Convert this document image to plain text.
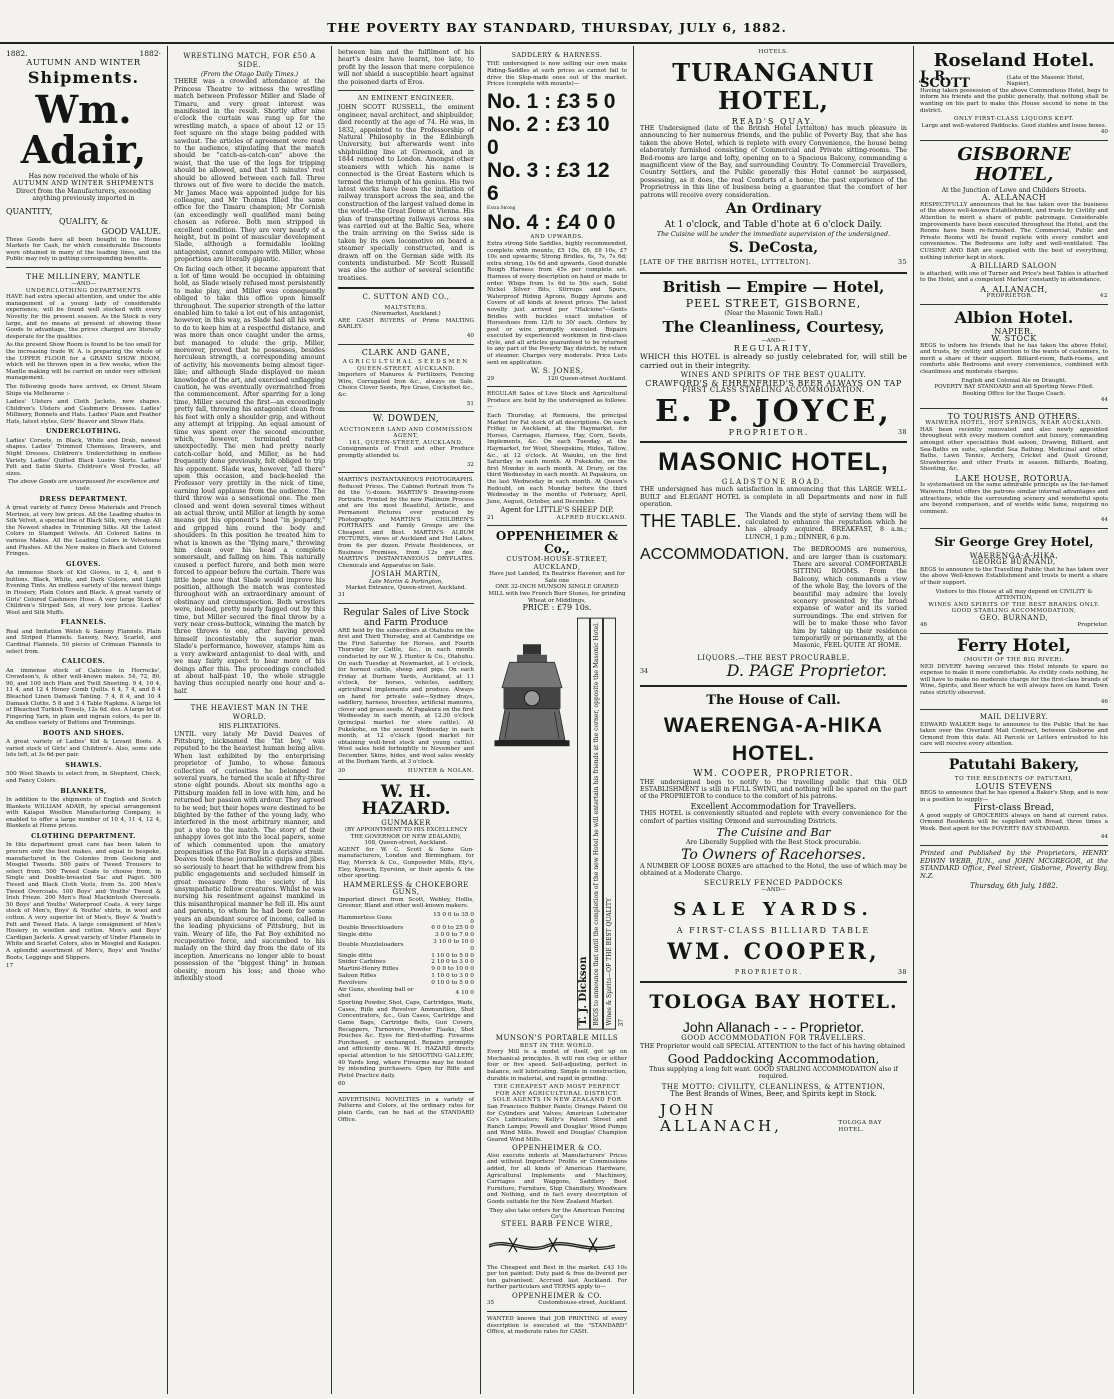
THE POVERTY BAY STANDARD, THURSDAY, JULY 6, 1882.
1882.	1882·
AUTUMN AND WINTER
Shipments.
Wm. Adair,
Has now received the whole of his
AUTUMN AND WINTER SHIPMENTS
Direct from the Manufacturers, exceeding anything previously imported in
QUANTITY,
QUALITY, &
GOOD VALUE.

These Goods have all been bought in the Home Markets for Cash, for which considerable Discounts were obtained in many of the leading lines, and the Public may rely in getting corresponding benefits.

THE MILLINERY, MANTLE
—AND—
UNDERCLOTHING DEPARTMENTS

HAVE had extra special attention, and under the able management of a young lady of considerable experience, will be found well stocked with every Novelty for the present season. As the Stock is very large, and no means at present of showing these Goods to advantage, the prices charged are literally desperate for the qualities.

As the present Show Room is found to be too small for the increasing trade W. A. is preparing the whole of the UPPER FLOOR for a GRAND SHOW ROOM, which will be thrown open in a few weeks, when the Mantle making will be carried on under very efficient management.

The following goods have arrived, ex Orient Steam Ships via Melbourne :-

Ladies' Ulsters and Cloth Jackets, new shapes. Children's Ulsters and Cashmere Dresses. Ladies' Millinery, Bonnets and Hats. Ladies' Plain and Feather Hats, latest styles. Girls' Beaver and Straw Hats.

UNDERCLOTHING.

Ladies' Corsets, in Black, White and Drab, newest shapes. Ladies' Trimmed Chemises, Drawers, and Night Dresses. Children's Underclothing in endless Variety. Ladies' Quilted Black Lustre Skirts. Ladies' Felt and Satin Skirts. Children's Wool Frocks, all sizes.

The above Goods are unsurpassed for excellence and taste.
DRESS DEPARTMENT.

A great variety of Fancy Dress Materials and French Merinos, at very low prices. All the Leading shades in Silk Velvet, a special line of Black Silk, very cheap. All the Newest shades in Trimming Silks. All the Latest Colors in Stamped Velvets. All Colored Satins in various Makes. All the Leading Colors in Velveteens and Plushes. All the New makes in Black and Colored Fringes.

GLOVES.

An immense Stock of Kid Gloves, in 2, 4, and 6 buttons. Black, White, and Dark Colors, and Light Evening Tints. An endless variety of the newest things in Hosiery, Plain Colors and Black. A great variety of Girls' Colored Cashmere Hose. A very large Stock of Children's Striped Sox, at very low prices. Ladies' Wool and Silk Muffs.

FLANNELS.

Real and Imitation Welsh & Saxony Flannels. Plain and Striped Flannels. Saxony, Navy, Scarlet, and Cardinal Flannels. 50 pieces of Crimean Flannels to select from.

CALICOES.

An immense stock of Calicoes in Horrocks', Crewdson's, & other well-known makes. 54, 72, 80, 90, and 100 inch Plain and Twill Sheeting. 9 4, 10 4, 11 4, and 12 4 Honey Comb Quilts. 6 4, 7 4, and 8 4 Bleached Linen Damask Tabling. 7 4, 8 4, and 10 4 Damask Cloths. 5 8 and 3 4 Table Napkins. A large lot of Bleached Turkish Towels, 12s 6d. doz. A large lot of Fingering Yarn, in plain and ingrain colors, 4s per lb. An endless variety of Buttons and Trimmings.

BOOTS AND SHOES.

A great variety of Ladies' Kid & Levant Boots. A varied stock of Girls' and Children's. Also, some side lots left, at 3s 6d per pair.

SHAWLS.

500 Wool Shawls to select from, in Shepherd, Check, and Fancy Colors.

BLANKETS,

In addition to the shipments of English and Scotch Blankets WILLIAM ADAIR, by special arrangement with Kaiapoi Woollen Manufacturing Company, is enabled to offer a large number of 10 4, 11 4, 12 4, Blankets at Home prices.

CLOTHING DEPARTMENT.

In this department great care has been taken to procure only the best makes, and equal to bespoke, manufactured in the Colonies from Geelong and Mosgiel Tweeds. 500 pairs of Tweed Trousers to select from. 500 Tweed Coats to choose from, in Single and Double-breasted Sac and Pagot. 500 Tweed and Black Cloth Vests, from 5s. 200 Men's Tweed Overcoats. 100 Boys' and Youths' Tweed & Irish Frieze. 200 Men's Real Mackintosh Overcoats. 50 Boys' and Youths' Waterproof Coats. A very large stock of Men's, Boys' & Youths' shirts, in wool and cotton. A very superior lot of Men's, Boys' & Youth's Felt and Tweed Hats. A large consignment of Men's Hosiery in woollen and cotton. Men's and Boys' Cardigan Jackets. A great variety of Under Flannels in White and Scarlet Colors, also in Mosgiel and Kaiapoi. A splendid assortment of Men's, Boys' and Youths' Boots, Leggings and Slippers.

17
WRESTLING MATCH, FOR £50 A SIDE.
(From the Otago Daily Times.)

THERE was a crowded attendance at the Princess Theatre to witness the wrestling match between Professor Miller and Slade of Timaru, and very great interest was manifested in the result. Shortly after nine o'clock the curtain was rung up for the wrestling match, a space of about 12 or 15 feet square on the stage being padded with sawdust. The articles of agreement were read to the audience, stipulating that the match should be "catch-as-catch-can" above the waist, that the use of the legs for tripping should be allowed, and that 15 minutes' rest should be allowed between each fall. Three throws out of five were to decide the match. Mr James Mace was appointed judge for his colleague, and Mr Thomas filled the same office for the Timaru champion; Mr Cornish (an exceedingly well qualified man) being chosen as referee. Both men stripped in excellent condition. They are very nearly of a height, but in point of muscular development Slade, although a formidable looking antagonist, cannot compare with Miller, whose proportions are literally gigantic.

On facing each other, it became apparent that a lot of time would be occupied in obtaining hold, as Slade wisely refused most persistently to make play, and Miller was consequently obliged to take this office upon himself throughout. The superior strength of the latter enabled him to take a lot out of his antagonist, however, in this way, as Slade had all his work to do to keep him at a respectful distance, and was more than once caught under the arms, but managed to elude the grip. Miller, moreover, proved that he possesses, besides herculean strength, a corresponding amount of activity, his movements being almost tiger-like; and although Slade displayed no mean knowledge of the art, and exercised unflagging caution, he was eventually overmatched from the commencement. After sparring for a long time, Miller secured the first—an exceedingly pretty fall, throwing his antagonist clean from his feet with only a shoulder grip, and without any attempt at tripping. An equal amount of time was spent over the second encounter, which, however, terminated rather unexpectedly. The men had pretty nearly catch-collar hold, and Miller, as he had frequently done previously, felt obliged to trip his opponent. Slade was, however, "all there" upon this occasion, and back-heeled the Professor very prettily in the nick of time, earning loud applause from the audience. The third throw was a sensational one. The men closed and went down several times without an actual throw, until Miller at length by some means got his opponent's head "in jeopardy," and gripped him round the body and shoulders. In this position he treated him to what is known as the "flying mare," throwing him clean over his head a complete somersault, and falling on him. This naturally caused a perfect furore, and both men were forced to appear before the curtain. There was little hope now that Slade would improve his position, although the match was contested throughout with an extraordinary amount of obstinacy and circumspection. Both wrestlers were, indeed, pretty nearly fagged out by this time, but Miller secured the final throw by a very near cross-buttock, winning the match by three throws to one, after having proved himself incontestably the superior man. Slade's performance, however, stamps him as a very awkward antagonist to deal with, and we may fairly expect to hear more of his doings after this. The proceedings concluded at about half-past 10, the whole struggle having thus occupied nearly one hour and a-half.

THE HEAVIEST MAN IN THE WORLD.
HIS FLIRTATIONS.

UNTIL very lately Mr David Deaves of Pittsburg, nicknamed the "fat boy," was reputed to be the heaviest human being alive. When last exhibited by the enterprising proprietor of Jumbo, to whose famous collection of curiosities he belonged for several years, he turned the scale at fifty-three stone eight pounds. About six months ago a Pittsburg maiden fell in love with him, and he returned her passion with ardour. They agreed to be wed; but their hopes were destined to be blighted by the father of the young lady, who interfered in the most arbitrary manner, and put a stop to the match. The story of their unhappy loves got into the local papers, some of which commented upon the amatory propensities of the Fat Boy in a derisive strain. Deaves took these journalistic quips and jibes so seriously to heart that he withdrew from his public engagements and secluded himself in great measure from the society of his unsympathetic fellow creatures. Whilst he was nursing his resentment against mankind in this misanthropical manner he fell ill. His aunt and parents, to whom he had been for some years an abundant source of income, called in the leading physicians of Pittsburg, but in vain. Weary of life, the Fat Boy exhibited no recuperative force, and succumbed to his malady on the third day from the date of its inception. Americans no longer able to boast possession of the "biggest thing" in human obesity, mourn his loss; and those who inflexibly stood

between him and the fulfilment of his heart's desire have learnt, too late, to profit by the lesson that mere corpulence will not shield a susceptible heart against the poisoned darts of Eros.

AN EMINENT ENGINEER.

JOHN SCOTT RUSSELL, the eminent engineer, naval architect, and shipbuilder, died recently at the age of 74. He was, in 1832, appointed to the Professorship of Natural Philosophy in the Edinburgh University, but afterwards went into shipbuilding line at Greenock, and in 1844 removed to London. Amongst other steamers with which his name is connected is the Great Eastern which is termed the triumph of his genius. His two latest works have been the initiation of railway transport across the sea, and the construction of the largest valued dome in the world—the Great Dome at Vienna. His plan of transporting railways across sea was carried out at the Baltic Sea, where the train arriving on the Swiss side is taken by its own locomotive on board a steamer specially constructed, and is drawn off on the German side with its contents undisturbed. Mr Scott Russell was also the author of several scientific treatises.

C. SUTTON AND CO.,
MALTSTERS,
(Newmarket, Auckland.)

ARE CASH BUYERS of Prime MALTING BARLEY.

40
CLARK AND GANE,
AGRICULTURAL SEEDSMEN
QUEEN-STREET, AUCKLAND.

Importers of Manures & Fertilizers, Fencing Wire, Corrugated Iron &c., always on Sale. Choice Clover Seeds, Rye Grass, Cocksfoot &c., &c.

51
W. DOWDEN,
AUCTIONEER LAND AND COMMISSION AGENT,
161, QUEEN-STREET, AUCKLAND.

Consignments of Fruit and other Produce promptly attended to.

32

MARTIN'S INSTANTANEOUS PHOTOGRAPHS. Reduced Prices. The Cabinet Portrait from 7s 6d the ½-dozen. MARTIN'S Drawing-room Portraits. Printed by the new Platinum Process and are the most Beautiful, Artistic, and Permanent Pictures ever produced by Photography. MARTIN'S CHILDREN'S PORTRAITS and Family Groups are the Cheapest and Best. MARTIN'S ALBUM PICTURES, views of Auckland and Hot Lakes, from 6s per dozen. Private Residences, or Business Premises, from 12s per doz. MARTIN'S INSTANTANEOUS DRYPLATES. Chemicals and Apparatus on Sale.

JOSIAH MARTIN,
Late Martin & Partington,
Market Entrance, Queen-street, Auckland.
31
Regular Sales of Live Stock and Farm Produce

ARE held by the subscribers at Otahuhu on the first and Third Thursday, and at Cambridge on the First Saturday for Horses, and Fourth Thursday for Cattle, &c., in each month conducted by our W. J. Hunter & Co., Otahuhu. On each Tuesday at Newmarket, at 1 o'clock, for horned cattle, sheep and pigs. On each Friday at Durham Yards, Auckland, at 11 o'clock, for horses, vehicles, saddlery, agricultural implements and produce. Always on hand for private sale—Sydney drays, saddlery, harness, breeches, artificial manures, clover and grass seeds. At Papakura on the first Wednesday in each month, at 12.30 o'clock (principal market for store cattle). At Pukekohe, on the second Wednesday in each month, at 12 o'clock (good market for obtaining well-bred stock and young cattle). Wool sales held fortnightly in November and December. Skins, hides, and wool sales weekly at the Durham Yards, at 3 o'clock.

30	HUNTER & NOLAN.
W. H. HAZARD.
GUNMAKER
(BY APPOINTMENT TO HIS EXCELLENCY THE GOVERNOR OF NEW ZEALAND),
108, Queen-street, Auckland.

AGENT for W. C. Scott & Sons Gun-manufacturers, London and Birmingham, for Hay, Merrick & Co., Gunpowder Mills, Ely's, Eley, Kynoch, Eyersinn, or their agents & the other sporting.

HAMMERLESS & CHOKEBORE GUNS,

Imported direct from Scott, Webley, Hollis, Greener, Bland and other well-known makers.

Hammerless Guns	15 0 0 to 35 0 0
Double Breechloaders	6 0 0 to 25 0 0
Single ditto	3 0 0 to 7 0 0
Double Muzzleloaders	3 10 0 to 10 0 0
Single ditto	1 10 0 to 5 0 0
Snider Carbines	2 10 0 to 3 0 0
Martini-Henry Rifles	9 0 0 to 10 0 0
Saloon Rifles	1 10 0 to 3 0 0
Revolvers	0 10 0 to 5 0 0
Air Guns, shooting ball or shot	4 10 0

Sporting Powder, Shot, Caps, Cartridges, Wads, Cases, Rifle and Revolver Ammunition, Shot Concentrators, &c., Gun Cases, Cartridge and Game Bags, Cartridge Belts, Gun Covers, Recappers, Turnovers, Powder Flasks, Shot Pouches &c. Eyes for Bird-stuffing. Firearms Purchased, or exchanged. Repairs promptly and efficiently done. W. H. HAZARD directs special attention to his SHOOTING GALLERY, 40 Yards long, where Firearms may be tested by intending purchasers. Open for Rifle and Pistol Practice daily.

60

ADVERTISING NOVELTIES in a variety of Patterns and Colors, at the ordinary rates for plain Cards, can be had at the STANDARD Office.

SADDLERY & HARNESS.

THE undersigned is now selling our own make Riding-Saddles at such prices as cannot fail to drive the Slop-made ones out of the market. Prices (complete with mounts)—

No. 1 : £3 5 0
No. 2 : £3 10 0
No. 3 : £3 12 6
Extra Strong
No. 4 : £4 0 0
AND UPWARDS.

Extra strong Side Saddles, highly recommended, complete with mounts, £5 10s, £6, £6 10s, £7 10s and upwards; Strong Bridles, 6s, 7s, 7s 6d; extra strong, 10s 6d and upwards. Good durable Rough Harness from 45s per complete set. Harness of every description on hand or made to order. Whips from 1s 6d to 50s each, Solid Nickel Silver Bits, Stirrups and Spurs, Waterproof Riding Aprons, Buggy Aprons and Covers of all kinds at lowest prices. The latest novelty just arrived per "Halcione"—Gents Bridles with buckles exact imitation of Horseshoes from 12/6 to 30/ each. Orders by post or wire promptly executed. Repairs executed by experienced workmen in first-class style, and all articles guaranteed to be returned to any part of the Poverty Bay district, by return of steamer. Charges very moderate. Price Lists sent on application.

W. S. JONES,
29	120 Queen-street Auckland.

REGULAR Sales of Live Stock and Agricultural Produce are held by the undersigned as follows:—

Each Thursday, at Remuera, the principal Market for Fat stock of all descriptions. On each Friday, in Auckland, at the Haymarket, for Horses, Carriages, Harness, Hay, Corn, Seeds, Implements, &c. On each Tuesday, at the Haymarket, for Wool, Sheepskins, Hides, Tallow, &c., at 12 o'clock. At Waiuku, on the first Saturday in each month. At Pukekohe, on the first Monday in each month. At Drury, on the third Wednesday in each month. At Papakura, on the last Wednesday in each month. At Queen's Redoubt, on each Monday before the third Wednesday in the months of February, April, June, August, October, and December.

Agent for LITTLE'S SHEEP DIP.
21	ALFRED BUCKLAND.
OPPENHEIMER & Co.,
CUSTOM-HOUSE-STREET, AUCKLAND,
Have just Landed, Ex Beatrice Havener, and for Sale one
ONE 32-INCH MUNSON SINGLE GEARED MILL with two French Burr Stones, for grinding Wheat or Middlings,
PRICE : £79 10s.
T. J. Dickson BEGS to announce that until the completion of the new Hotel he will entertain his friends at the corner, opposite the Masonic Hotel.	Wines & Spirits—OF THE BEST QUALITY 37
MUNSON'S PORTABLE MILLS
BEST IN THE WORLD.

Every Mill is a model of itself, got up on Mechanical principles. It will run cleg or either four or five speed. Self-adjusting, perfect in balance, self lubricating. Simple in construction, durable in material, and rapid in grinding.

THE CHEAPEST AND MOST PERFECT FOR ANY AGRICULTURAL DISTRICT.
SOLE AGENTS IN NEW ZEALAND FOR

San Francisco Rubber Paints; Orange Patent Oil for Cylinders and Valves; American Lubricator Co's Lubricators; Kelly's Patent Street and Ranch Lamps; Powell and Douglas' Wood Pumps and Wind Mills. Powell and Douglas' Champion Geared Wind Mills.

OPPENHEIMER & CO.

Also execute indents at Manufacturers' Prices and without Importers' Profits or Commissions added, for all kinds of American Hardware, Agricultural Implements and Machinery, Carriages and Waggons, Saddlery Boot Furniture, Furniture, Ship Chandlery, Woodware and Nothing, and in fact every description of Goods suitable for the New Zealand Market.

They also take orders for the American Fencing Co's
STEEL BARB FENCE WIRE,

The Cheapest and Best in the market. £43 10s per ton painted; Duty paid & free de-livered per ton galvanised; Accrued last Auckland. For further particulars and TERMS apply to—

OPPENHEIMER & CO.
35	Customhouse-street, Auckland.

WANTED known that JOB PRINTING of every description is executed at the "STANDARD" Office, at moderate rates for CASH.

HOTELS.
TURANGANUI HOTEL,
READ'S QUAY.

THE Undersigned (late of the British Hotel Lyttelton) has much pleasure in announcing to her numerous friends, and the public of Poverty Bay, that she has taken the above Hotel, which is replete with every Convenience, the house being elaborately furnished consisting of Commercial and Private sitting-rooms. The Bed-rooms are large and lofty, opening on to a Spacious Balcony, commanding a magnificent view of the Bay, and surrounding Country. To Commercial Travellers, Country Settlers, and the Public generally this Hotel cannot be surpassed, possessing, as it does, the real Comforts of a home; the past experience of the Proprietress in this line of business being a guarantee that the comfort of her patrons will receive every consideration.

An Ordinary
At 1 o'clock, and Table d'hote at 6 o'clock Daily.
The Cuisine will be under the immediate supervision of the undersigned.
S. DeCosta,
[LATE OF THE BRITISH HOTEL, LYTTELTON].	35
British — Empire — Hotel,
PEEL STREET, GISBORNE,
(Near the Masonic Town Hall.)
The Cleanliness, Courtesy,
—AND—
REGULARITY,

WHICH this HOTEL is already so justly celebrated for, will still be carried out in their integrity.

WINES AND SPIRITS OF THE BEST QUALITY.
CRAWFORD'S & EHRENFRIED'S BEER ALWAYS ON TAP
FIRST CLASS STABLING ACCOMMODATION.
E. P. JOYCE,
PROPRIETOR.	38
MASONIC HOTEL,
GLADSTONE ROAD.

THE undersigned has much satisfaction in announcing that this LARGE WELL-BUILT and ELEGANT HOTEL is complete in all Departments and now in full operation.

THE TABLE. The Viands and the style of serving them will be calculated to enhance the reputation which he has already acquired. BREAKFAST, 8 a.m.; LUNCH, 1 p.m.; DINNER, 6 p.m.

ACCOMMODATION. The BEDROOMS are numerous, and are larger than is customary. There are several COMFORTABLE SITTING ROOMS. From the Balcony, which commands a view of the whole Bay, the lovers of the beautiful may admire the lovely scenery presented by the broad expanse of water and its varied surroundings. The end striven for will be to make those who favor him by taking up their residence temporarily or permanently, at the Masonic, FEEL QUITE AT HOME.

LIQUORS.—THE BEST PROCURABLE.
34	D. PAGE Proprietor.
The House of Call.
WAERENGA-A-HIKA HOTEL.
WM. COOPER, PROPRIETOR.

THE undersigned begs to notify to the travelling public that this OLD ESTABLISHMENT is still in FULL SWING, and nothing will be spared on the part of the PROPRIETOR to conduce to the comfort of his patrons.

Excellent Accommodation for Travellers.

THIS HOTEL is conveniently situated and replete with every convenience for the comfort of parties visiting Ormond and surrounding Districts.

The Cuisine and Bar
Are Liberally Supplied with the Best Stock procurable.
To Owners of Racehorses.

A NUMBER OF LOOSE BOXES are attached to the Hotel, the use of which may be obtained at a Moderate Charge.

SECURELY FENCED PADDOCKS
—AND—
SALE YARDS.
A FIRST-CLASS BILLIARD TABLE
WM. COOPER,
PROPRIETOR.	38
TOLOGA BAY HOTEL.
John Allanach - - - Proprietor.
GOOD ACCOMMODATION FOR TRAVELLERS.

THE Proprietor would call SPECIAL ATTENTION to the fact of his having obtained

Good Paddocking Accommodation,
Thus supplying a long felt want. GOOD STABLING ACCOMMODATION also if required.
THE MOTTO: CIVILITY, CLEANLINESS, & ATTENTION,
The Best Brands of Wines, Beer, and Spirits kept in Stock.
JOHN ALLANACH,	TOLOGA BAY HOTEL.
Roseland Hotel.
J. R. SCOTT	(Late of the Masonic Hotel, Napier),

Having taken possession of the above Commodious Hotel, begs to inform his friends and the public generally, that nothing shall be wanting on his part to make this House second to none in the district.

ONLY FIRST-CLASS LIQUORS KEPT.
Large and well-watered Paddocks. Good stables and loose boxes.
40
GISBORNE HOTEL,
At the Junction of Lowe and Childers Streets.
A. ALLANACH

RESPECTFULLY announces that he has taken over the business of the above well-known Establishment, and trusts by Civility and Attention to merit a share of public patronage. Considerable improvements have been executed throughout the Hotel, and the Rooms have been re-furnished. The Commercial, Public and Private Rooms will be found replete with every comfort and convenience. The Bedrooms are lofty and well-ventilated. The CUISINE AND BAR are supplied with the best of everything, nothing inferior kept in stock.

A BILLIARD SALOON

is attached, with one of Turner and Price's best Tables is attached to the Hotel, and a competent Marker constantly in attendance.

A. ALLANACH,
PROPRIETOR.	42
Albion Hotel.
NAPIER.
W. STOCK

BEGS to inform his friends that he has taken the above Hotel, and trusts, by civility and attention to the wants of customers, to merit a share of their support. Billiard-room, Bath-rooms, and comforts able Bedrooms and every convenience, combined with cleanliness and moderate charges.

English and Colonial Ale on Draught.
POVERTY BAY STANDARD and all Sporting News Filed.
Booking Office for the Taupo Coach.
44
TO TOURISTS AND OTHERS.
WAIWERA HOTEL, HOT SPRINGS, NEAR AUCKLAND.

HAS been recently renovated and also newly appointed throughout with every modern comfort and luxury, commanding amongst other specialities Bold saloon, Drawing, Billiard, and Sea-Baths en suite, splendid Sea Bathing. Medicinal and other Baths. Lawn Tennis, Archery, Cricket and Quoit Ground, Strawberries and other Fruits in season. Billiards, Boating, Shooting, &c.

LAKE HOUSE, ROTORUA.

Is systematised on the same admirable principle as the far-famed Waiwera Hotel offers the patrons similar internal advantages and attractions, while the surrounding scenery and wonderful spots are beyond comparison, and of worlds wide fame, requiring no comment.

44
Sir George Grey Hotel,
WAERENGA-A-HIKA,
GEORGE BURNAND,

BEGS to announce to the Travelling Public that he has taken over the above Well-known Establishment and trusts to merit a share of their support.

Visitors to this House at all may depend on CIVILITY & ATTENTION,
WINES AND SPIRITS OF THE BEST BRANDS ONLY.
GOOD STABLING ACCOMMODATION,
GEO. BURNAND,
46	Proprietor.
Ferry Hotel,
(MOUTH OF THE BIG RIVER).

NED DEVERY having secured this Hotel intends to spare no expense to make it more comfortable. As civility costs nothing, he will have to make no moderate charge for the first-class brands of Wine, Spirits, and Beer which he will always have on hand. Town rates strictly observed.

46
MAIL DELIVERY.

EDWARD WALKER begs to announce to the Public that he has taken over the Overland Mail Contract, between Gisborne and Ormond from this date. All Parcels or Letters entrusted to his care will receive every attention.

Patutahi Bakery,
TO THE RESIDENTS OF PATUTAHI,
LOUIS STEVENS

BEGS to announce that he has opened a Baker's Shop, and is now in a position to supply—

First-class Bread,

A good supply of GROCERIES always on hand at current rates. Ormond Residents will be supplied with Bread, three times a Week. Best agent for the POVERTY BAY STANDARD.

44

Printed and Published by the Proprietors, HENRY EDWIN WEBB, JUN., and JOHN MCGREGOR, at the STANDARD Office, Peel Street, Gisborne, Poverty Bay, N.Z.

Thursday, 6th July, 1882.
